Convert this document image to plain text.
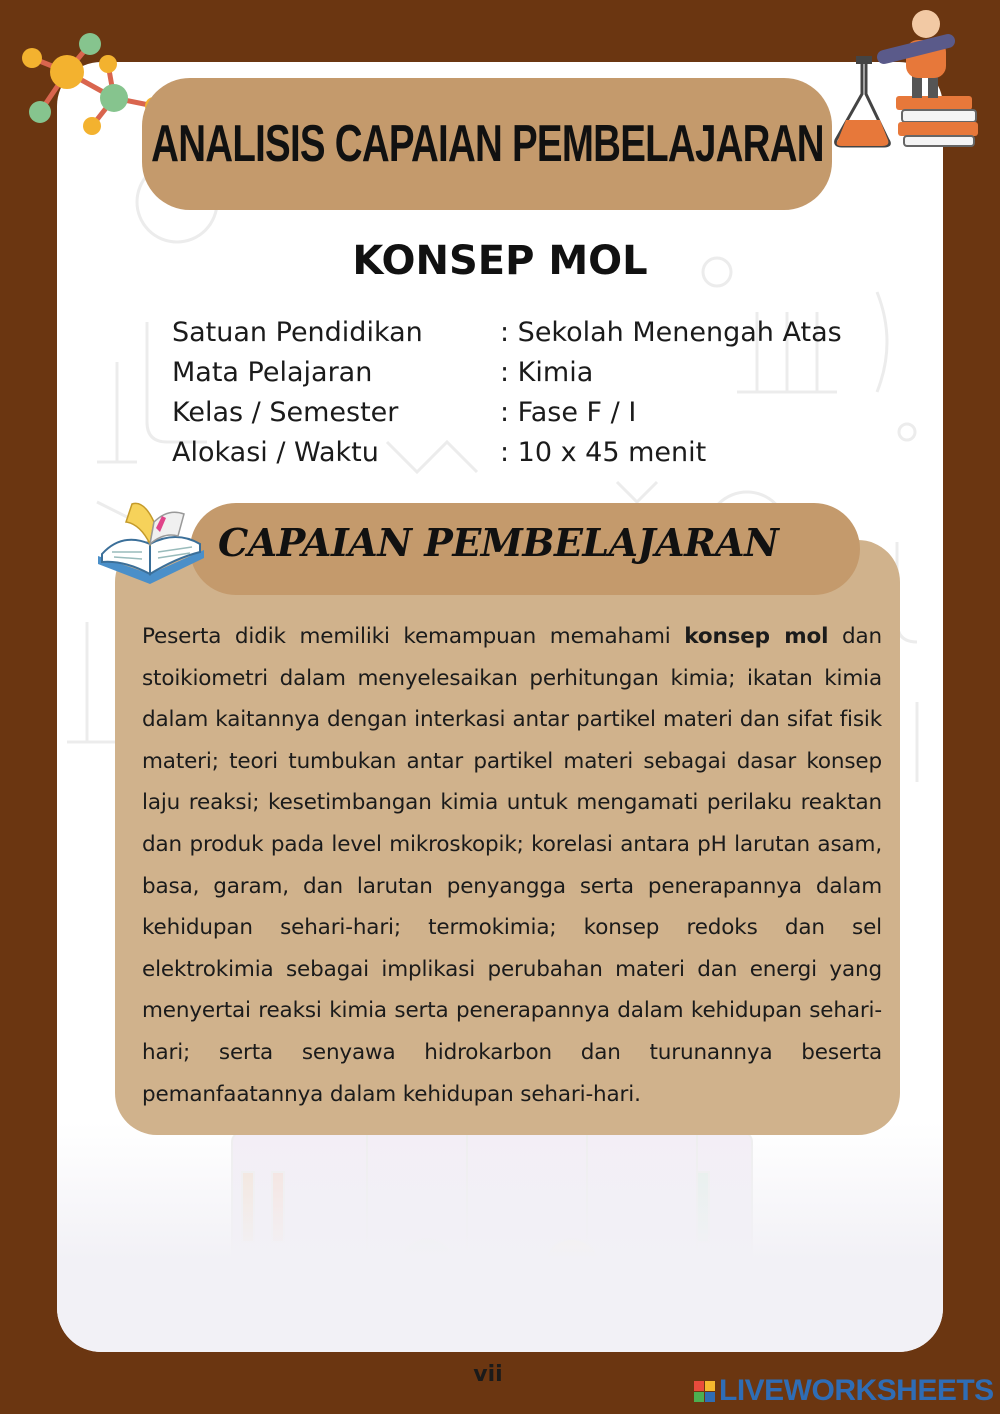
ANALISIS CAPAIAN PEMBELAJARAN
KONSEP MOL
Satuan Pendidikan	: Sekolah Menengah Atas
Mata Pelajaran	: Kimia
Kelas / Semester	: Fase F / I
Alokasi / Waktu	: 10 x 45 menit
CAPAIAN PEMBELAJARAN

Peserta didik memiliki kemampuan memahami konsep mol dan stoikiometri dalam menyelesaikan perhitungan kimia; ikatan kimia dalam kaitannya dengan interkasi antar partikel materi dan sifat fisik materi; teori tumbukan antar partikel materi sebagai dasar konsep laju reaksi; kesetimbangan kimia untuk mengamati perilaku reaktan dan produk pada level mikroskopik; korelasi antara pH larutan asam, basa, garam, dan larutan penyangga serta penerapannya dalam kehidupan sehari-hari; termokimia; konsep redoks dan sel elektrokimia sebagai implikasi perubahan materi dan energi yang menyertai reaksi kimia serta penerapannya dalam kehidupan sehari-hari; serta senyawa hidrokarbon dan turunannya beserta pemanfaatannya dalam kehidupan sehari-hari.

vii	LIVEWORKSHEETS
